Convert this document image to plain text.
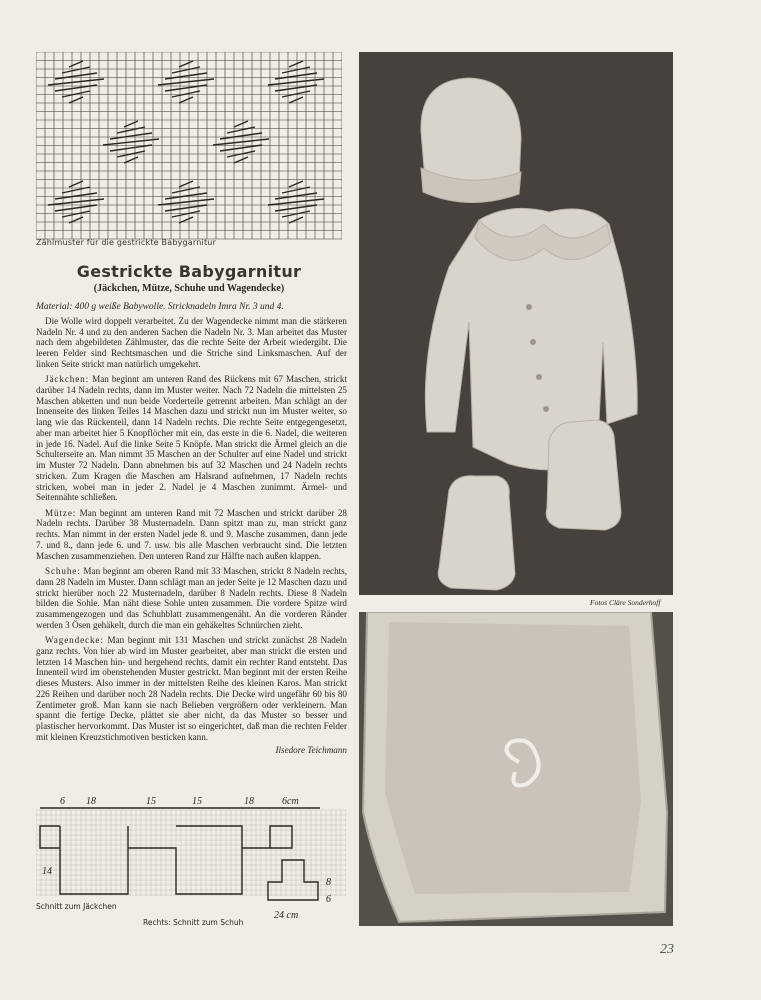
Zählmuster für die gestrickte Babygarnitur
Gestrickte Babygarnitur
(Jäckchen, Mütze, Schuhe und Wagendecke)

Material: 400 g weiße Babywolle. Stricknadeln Imra Nr. 3 und 4.

Die Wolle wird doppelt verarbeitet. Zu der Wagendecke nimmt man die stärkeren Nadeln Nr. 4 und zu den anderen Sachen die Nadeln Nr. 3. Man arbeitet das Muster nach dem abgebildeten Zählmuster, das die rechte Seite der Arbeit wiedergibt. Die leeren Felder sind Rechtsmaschen und die Striche sind Linksmaschen. Auf der linken Seite strickt man natürlich umgekehrt.

Jäckchen: Man beginnt am unteren Rand des Rückens mit 67 Maschen, strickt darüber 14 Nadeln rechts, dann im Muster weiter. Nach 72 Nadeln die mittelsten 25 Maschen abketten und nun beide Vorderteile getrennt arbeiten. Man schlägt an der Innenseite des linken Teiles 14 Maschen dazu und strickt nun im Muster weiter, so lang wie das Rückenteil, dann 14 Nadeln rechts. Die rechte Seite entgegengesetzt, aber man arbeitet hier 5 Knopflöcher mit ein, das erste in die 6. Nadel, die weiteren in jede 16. Nadel. Auf die linke Seite 5 Knöpfe. Man strickt die Ärmel gleich an die Schulterseite an. Man nimmt 35 Maschen an der Schulter auf eine Nadel und strickt im Muster 72 Nadeln. Dann abnehmen bis auf 32 Maschen und 24 Nadeln rechts stricken. Zum Kragen die Maschen am Halsrand aufnehmen, 17 Nadeln rechts stricken, wobei man in jeder 2. Nadel je 4 Maschen zunimmt. Ärmel- und Seitennähte schließen.

Mütze: Man beginnt am unteren Rand mit 72 Maschen und strickt darüber 28 Nadeln rechts. Darüber 38 Musternadeln. Dann spitzt man zu, man strickt ganz rechts. Man nimmt in der ersten Nadel jede 8. und 9. Masche zusammen, dann jede 7. und 8., dann jede 6. und 7. usw. bis alle Maschen verbraucht sind. Die letzten Maschen zusammenziehen. Den unteren Rand zur Hälfte nach außen klappen.

Schuhe: Man beginnt am oberen Rand mit 33 Maschen, strickt 8 Nadeln rechts, dann 28 Nadeln im Muster. Dann schlägt man an jeder Seite je 12 Maschen dazu und strickt hierüber noch 22 Musternadeln, darüber 8 Nadeln rechts. Diese 8 Nadeln bilden die Sohle. Man näht diese Sohle unten zusammen. Die vordere Spitze wird zusammengezogen und das Schuhblatt zusammengenäht. An die vorderen Ränder werden 3 Ösen gehäkelt, durch die man ein gehäkeltes Schnürchen zieht.

Wagendecke: Man beginnt mit 131 Maschen und strickt zunächst 28 Nadeln ganz rechts. Von hier ab wird im Muster gearbeitet, aber man strickt die ersten und letzten 14 Maschen hin- und hergehend rechts, damit ein rechter Rand entsteht. Das Innenteil wird im obenstehenden Muster gestrickt. Man beginnt mit der ersten Reihe dieses Musters. Also immer in der mittelsten Reihe des kleinen Karos. Man strickt 226 Reihen und darüber noch 28 Nadeln rechts. Die Decke wird ungefähr 60 bis 80 Zentimeter groß. Man kann sie nach Belieben vergrößern oder verkleinern. Man spannt die fertige Decke, plättet sie aber nicht, da das Muster so besser und plastischer hervorkommt. Das Muster ist so eingerichtet, daß man die rechten Felder mit kleinen Kreuzstichmotiven besticken kann.

Ilsedore Teichmann

Fotos Cläre Sonderhoff
6 18	15	15	18	6cm
14
8
6
24 cm
Schnitt zum Jäckchen
Rechts: Schnitt zum Schuh
23
